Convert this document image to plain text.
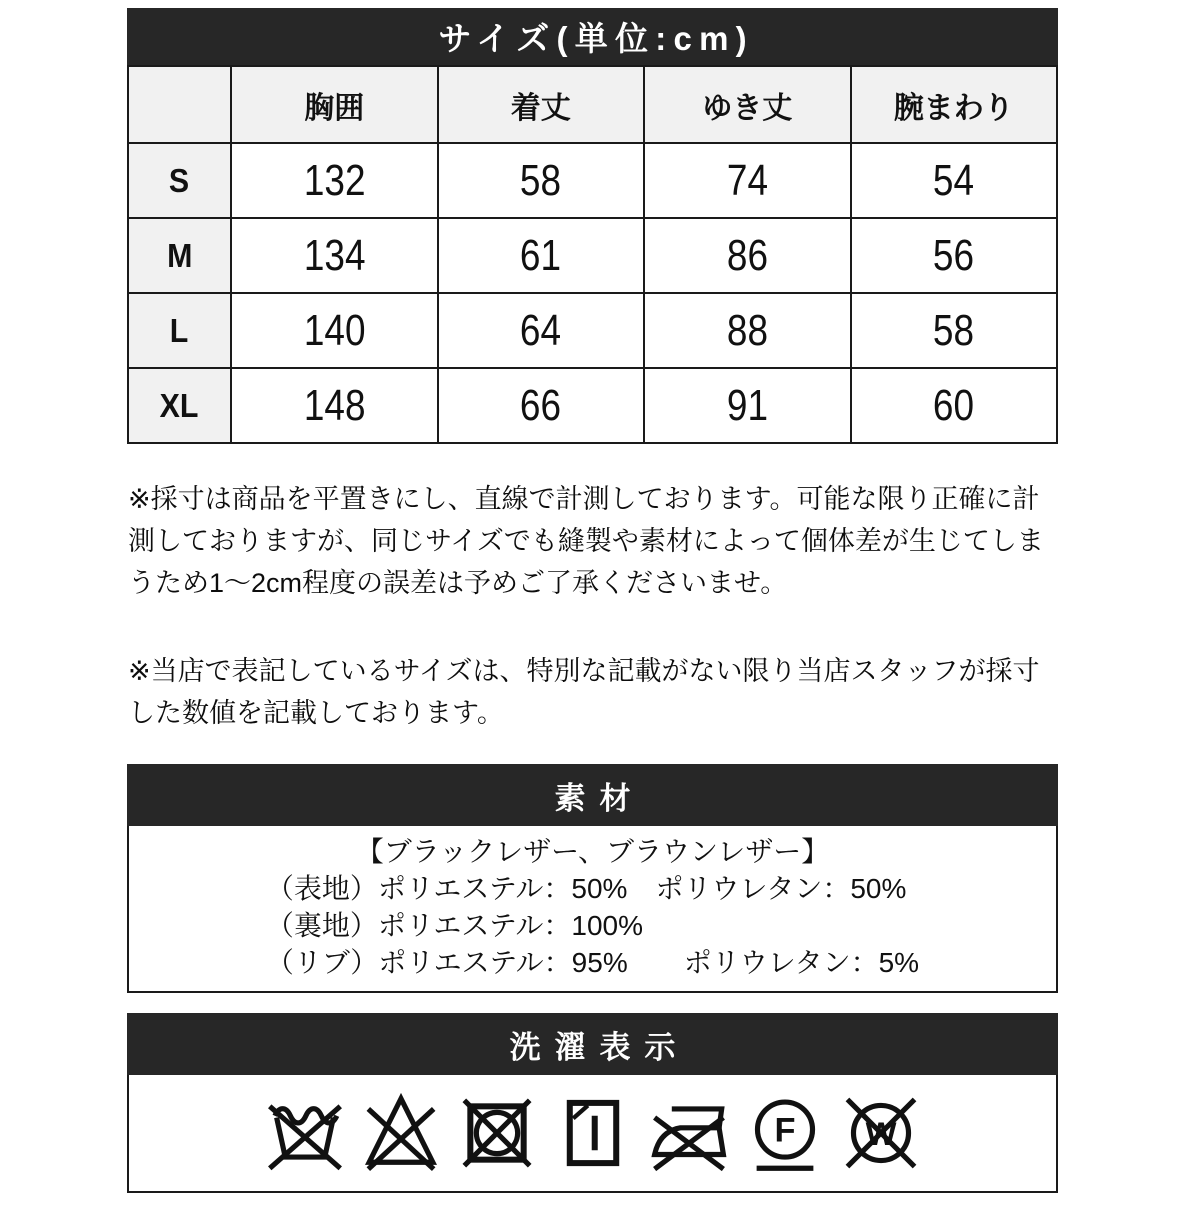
サイズ(単位:cm)
	胸囲	着丈	ゆき丈	腕まわり
S	132	58	74	54
M	134	61	86	56
L	140	64	88	58
XL	148	66	91	60
※採寸は商品を平置きにし、直線で計測しております。可能な限り正確に計
測しておりますが、同じサイズでも縫製や素材によって個体差が生じてしま
うため1〜2cm程度の誤差は予めご了承くださいませ。
※当店で表記しているサイズは、特別な記載がない限り当店スタッフが採寸
した数値を記載しております。
素材
【ブラックレザー、ブラウンレザー】
（表地）ポリエステル：50%　ポリウレタン：50%
（裏地）ポリエステル：100%
（リブ）ポリエステル：95%　　ポリウレタン：5%
洗濯表示
F W
